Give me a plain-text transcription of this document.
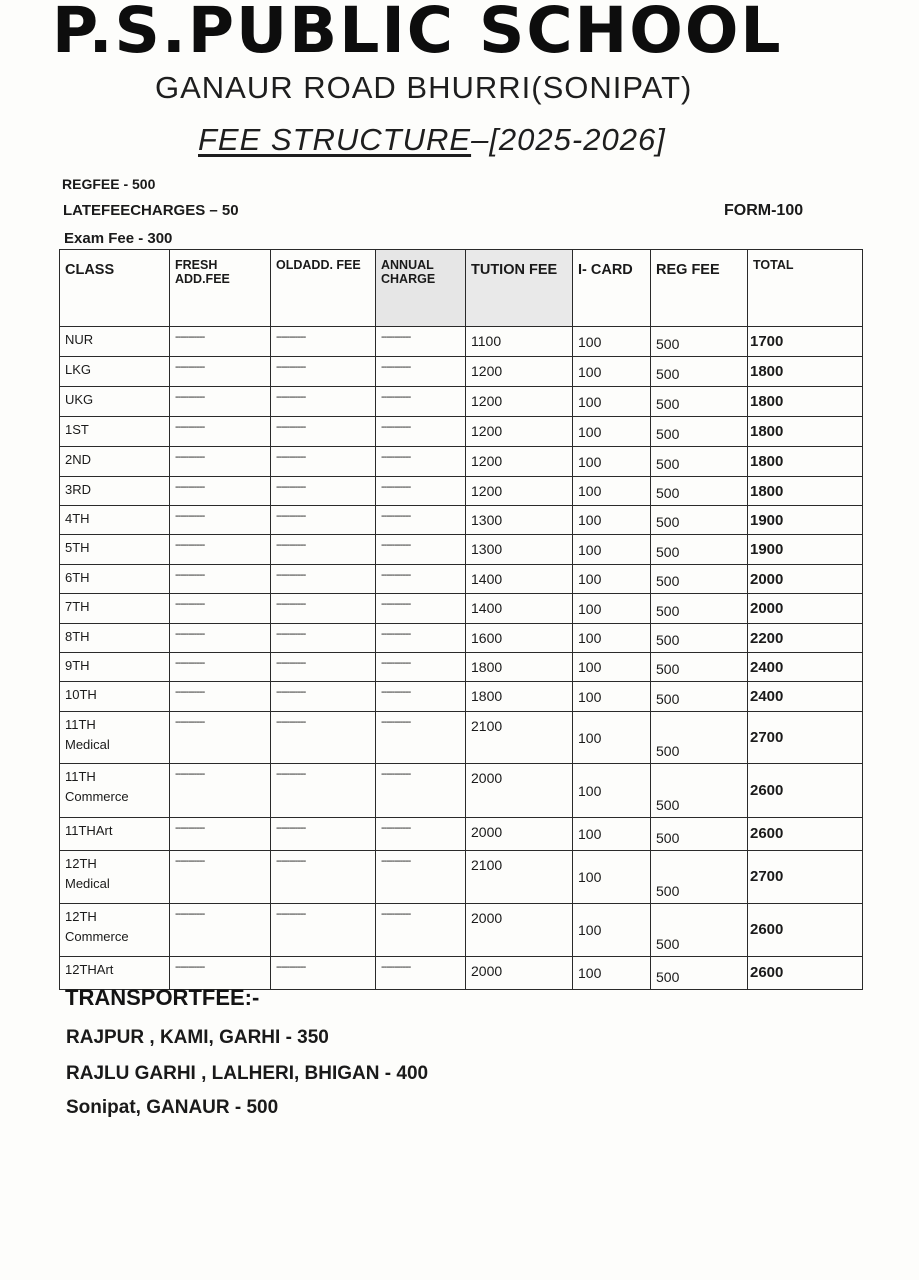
P.S.PUBLIC SCHOOL
GANAUR ROAD BHURRI(SONIPAT)
FEE STRUCTURE–[2025-2026]
REGFEE - 500
LATEFEECHARGES – 50
Exam Fee - 300
FORM-100
CLASS	FRESH ADD.FEE	OLDADD. FEE	ANNUAL CHARGE	TUTION FEE	I- CARD	REG FEE	TOTAL

NUR	-----------	-----------	-----------	1100	100	500	1700

LKG	-----------	-----------	-----------	1200	100	500	1800

UKG	-----------	-----------	-----------	1200	100	500	1800

1ST	-----------	-----------	-----------	1200	100	500	1800

2ND	-----------	-----------	-----------	1200	100	500	1800

3RD	-----------	-----------	-----------	1200	100	500	1800

4TH	-----------	-----------	-----------	1300	100	500	1900

5TH	-----------	-----------	-----------	1300	100	500	1900

6TH	-----------	-----------	-----------	1400	100	500	2000

7TH	-----------	-----------	-----------	1400	100	500	2000

8TH	-----------	-----------	-----------	1600	100	500	2200

9TH	-----------	-----------	-----------	1800	100	500	2400

10TH	-----------	-----------	-----------	1800	100	500	2400

11TH
Medical	-----------	-----------	-----------	2100	100	500	2700

11TH
Commerce	-----------	-----------	-----------	2000	100	500	2600

11THArt	-----------	-----------	-----------	2000	100	500	2600

12TH
Medical	-----------	-----------	-----------	2100	100	500	2700

12TH
Commerce	-----------	-----------	-----------	2000	100	500	2600

12THArt	-----------	-----------	-----------	2000	100	500	2600
TRANSPORTFEE:-
RAJPUR , KAMI, GARHI - 350
RAJLU GARHI , LALHERI, BHIGAN - 400
Sonipat, GANAUR - 500
